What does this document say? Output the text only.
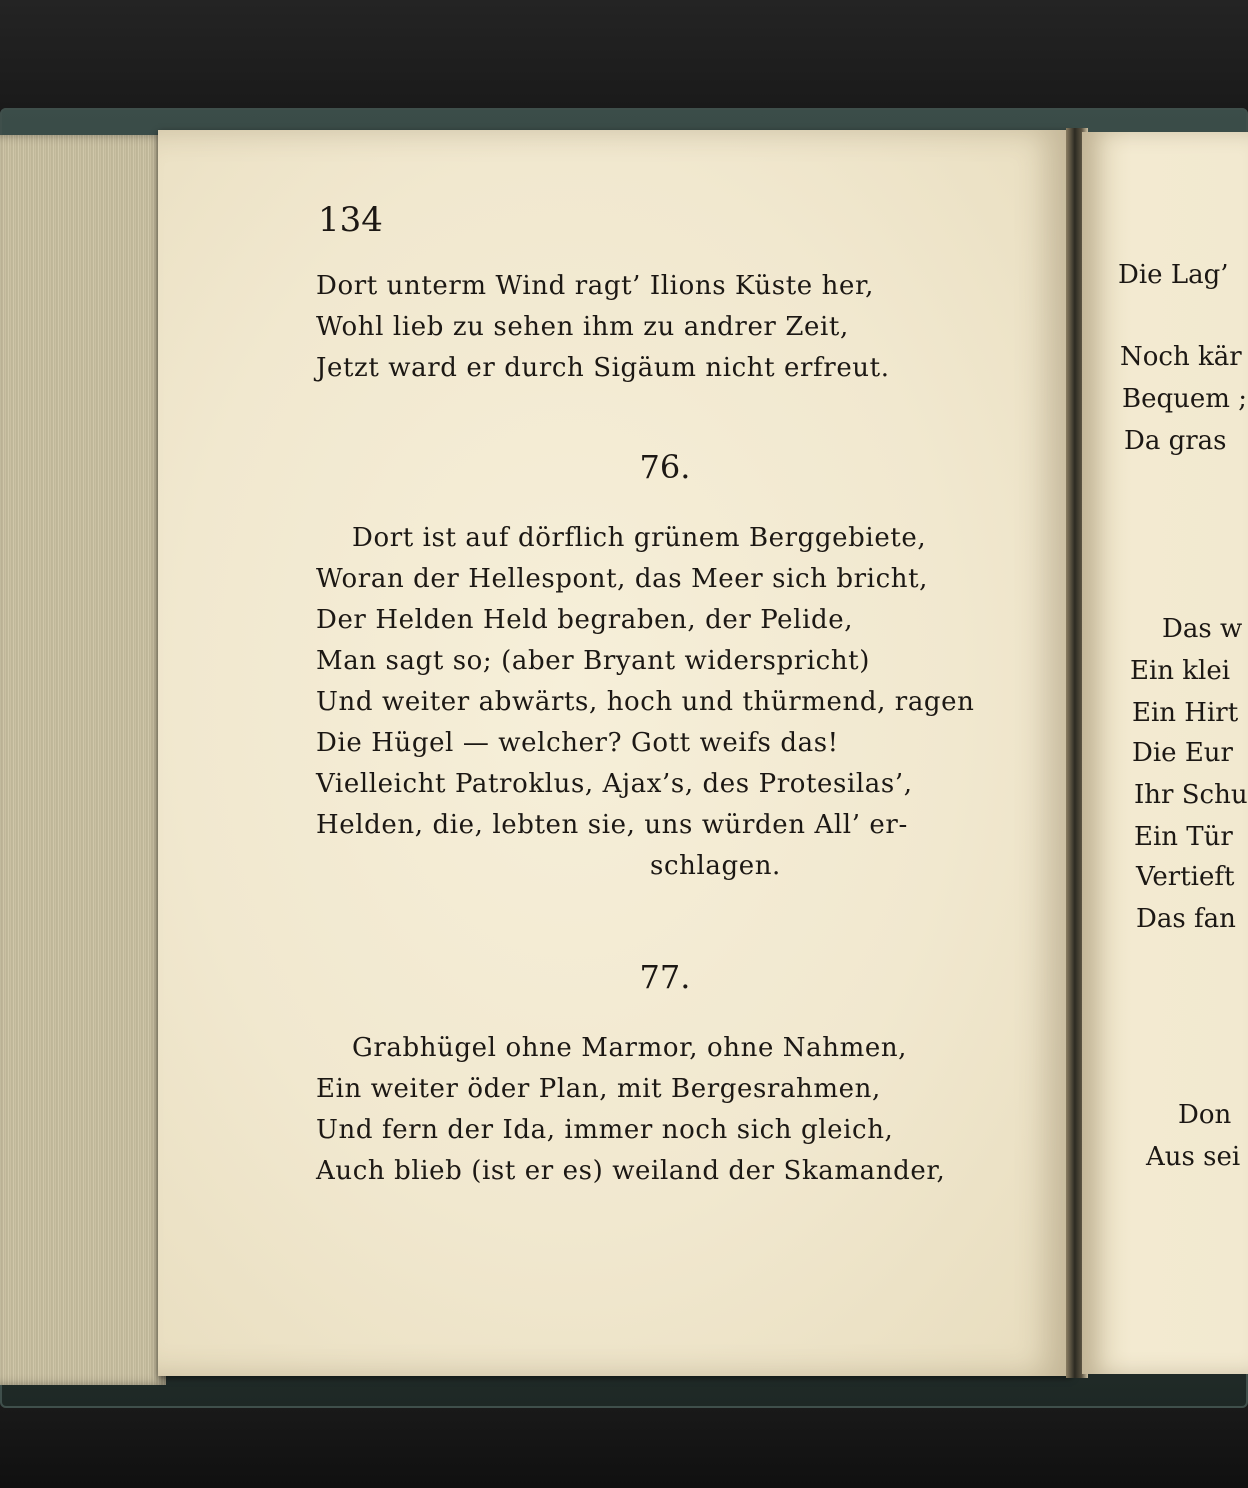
134
Dort unterm Wind ragt’ Ilions Küste her,
Wohl lieb zu sehen ihm zu andrer Zeit,
Jetzt ward er durch Sigäum nicht erfreut.
76.
Dort ist auf dörflich grünem Berggebiete,
Woran der Hellespont, das Meer sich bricht,
Der Helden Held begraben, der Pelide,
Man sagt so; (aber Bryant widerspricht)
Und weiter abwärts, hoch und thürmend, ragen
Die Hügel — welcher? Gott weifs das!
Vielleicht Patroklus, Ajax’s, des Protesilas’,
Helden, die, lebten sie, uns würden All’ er-
schlagen.
77.
Grabhügel ohne Marmor, ohne Nahmen,
Ein weiter öder Plan, mit Bergesrahmen,
Und fern der Ida, immer noch sich gleich,
Auch blieb (ist er es) weiland der Skamander,
Die Lag’
Noch kär
Bequem ;
Da gras
Das w
Ein klei
Ein Hirt
Die Eur
Ihr Schu
Ein Tür
Vertieft
Das fan
Don
Aus sei
